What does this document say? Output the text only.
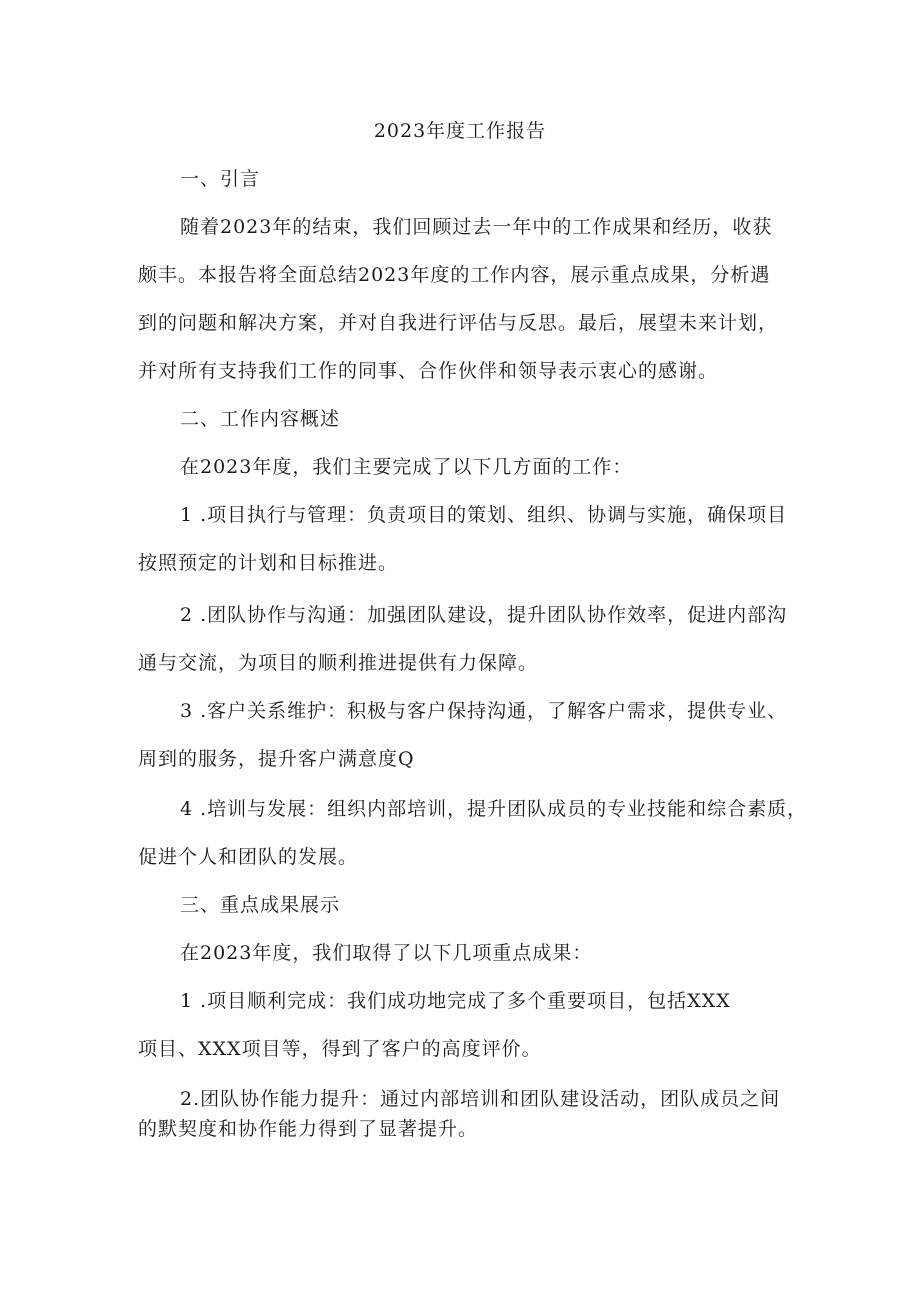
2023年度工作报告
一、引言
随着2023年的结束，我们回顾过去一年中的工作成果和经历，收获
颇丰。本报告将全面总结2023年度的工作内容，展示重点成果，分析遇
到的问题和解决方案，并对自我进行评估与反思。最后，展望未来计划，
并对所有支持我们工作的同事、合作伙伴和领导表示衷心的感谢。
二、工作内容概述
在2023年度，我们主要完成了以下几方面的工作：
1 .项目执行与管理：负责项目的策划、组织、协调与实施，确保项目
按照预定的计划和目标推进。
2 .团队协作与沟通：加强团队建设，提升团队协作效率，促进内部沟
通与交流，为项目的顺利推进提供有力保障。
3 .客户关系维护：积极与客户保持沟通，了解客户需求，提供专业、
周到的服务，提升客户满意度Q
4 .培训与发展：组织内部培训，提升团队成员的专业技能和综合素质，
促进个人和团队的发展。
三、重点成果展示
在2023年度，我们取得了以下几项重点成果：
1 .项目顺利完成：我们成功地完成了多个重要项目，包括XXX
项目、XXX项目等，得到了客户的高度评价。
2.团队协作能力提升：通过内部培训和团队建设活动，团队成员之间
的默契度和协作能力得到了显著提升。
